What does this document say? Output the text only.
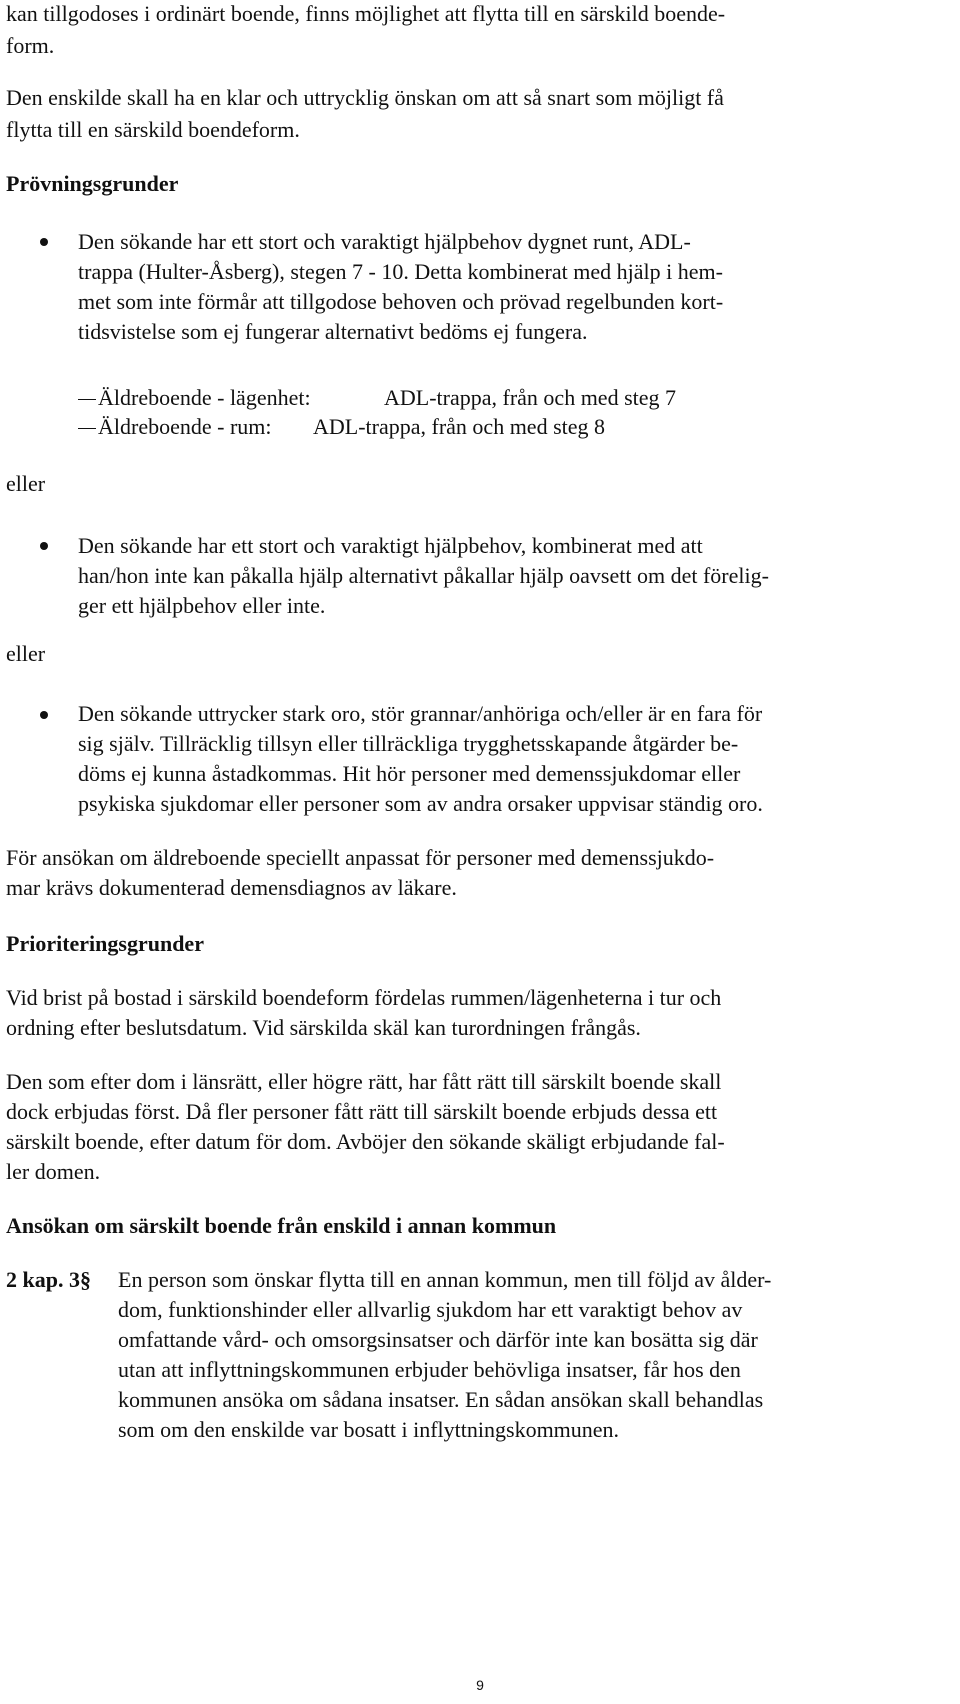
kan tillgodoses i ordinärt boende, finns möjlighet att flytta till en särskild boende-
form.
Den enskilde skall ha en klar och uttrycklig önskan om att så snart som möjligt få
flytta till en särskild boendeform.
Prövningsgrunder
Den sökande har ett stort och varaktigt hjälpbehov dygnet runt, ADL-
trappa (Hulter-Åsberg), stegen 7 - 10. Detta kombinerat med hjälp i hem-
met som inte förmår att tillgodose behoven och prövad regelbunden kort-
tidsvistelse som ej fungerar alternativt bedöms ej fungera.
Äldreboende - lägenhet:	ADL-trappa, från och med steg 7
Äldreboende - rum: ADL-trappa, från och med steg 8
eller
Den sökande har ett stort och varaktigt hjälpbehov, kombinerat med att
han/hon inte kan påkalla hjälp alternativt påkallar hjälp oavsett om det förelig-
ger ett hjälpbehov eller inte.
eller
Den sökande uttrycker stark oro, stör grannar/anhöriga och/eller är en fara för
sig själv. Tillräcklig tillsyn eller tillräckliga trygghetsskapande åtgärder be-
döms ej kunna åstadkommas. Hit hör personer med demenssjukdomar eller
psykiska sjukdomar eller personer som av andra orsaker uppvisar ständig oro.
För ansökan om äldreboende speciellt anpassat för personer med demenssjukdo-
mar krävs dokumenterad demensdiagnos av läkare.
Prioriteringsgrunder
Vid brist på bostad i särskild boendeform fördelas rummen/lägenheterna i tur och
ordning efter beslutsdatum. Vid särskilda skäl kan turordningen frångås.
Den som efter dom i länsrätt, eller högre rätt, har fått rätt till särskilt boende skall
dock erbjudas först. Då fler personer fått rätt till särskilt boende erbjuds dessa ett
särskilt boende, efter datum för dom. Avböjer den sökande skäligt erbjudande fal-
ler domen.
Ansökan om särskilt boende från enskild i annan kommun
2 kap. 3§ En person som önskar flytta till en annan kommun, men till följd av ålder-
dom, funktionshinder eller allvarlig sjukdom har ett varaktigt behov av
omfattande vård- och omsorgsinsatser och därför inte kan bosätta sig där
utan att inflyttningskommunen erbjuder behövliga insatser, får hos den
kommunen ansöka om sådana insatser. En sådan ansökan skall behandlas
som om den enskilde var bosatt i inflyttningskommunen.
9
